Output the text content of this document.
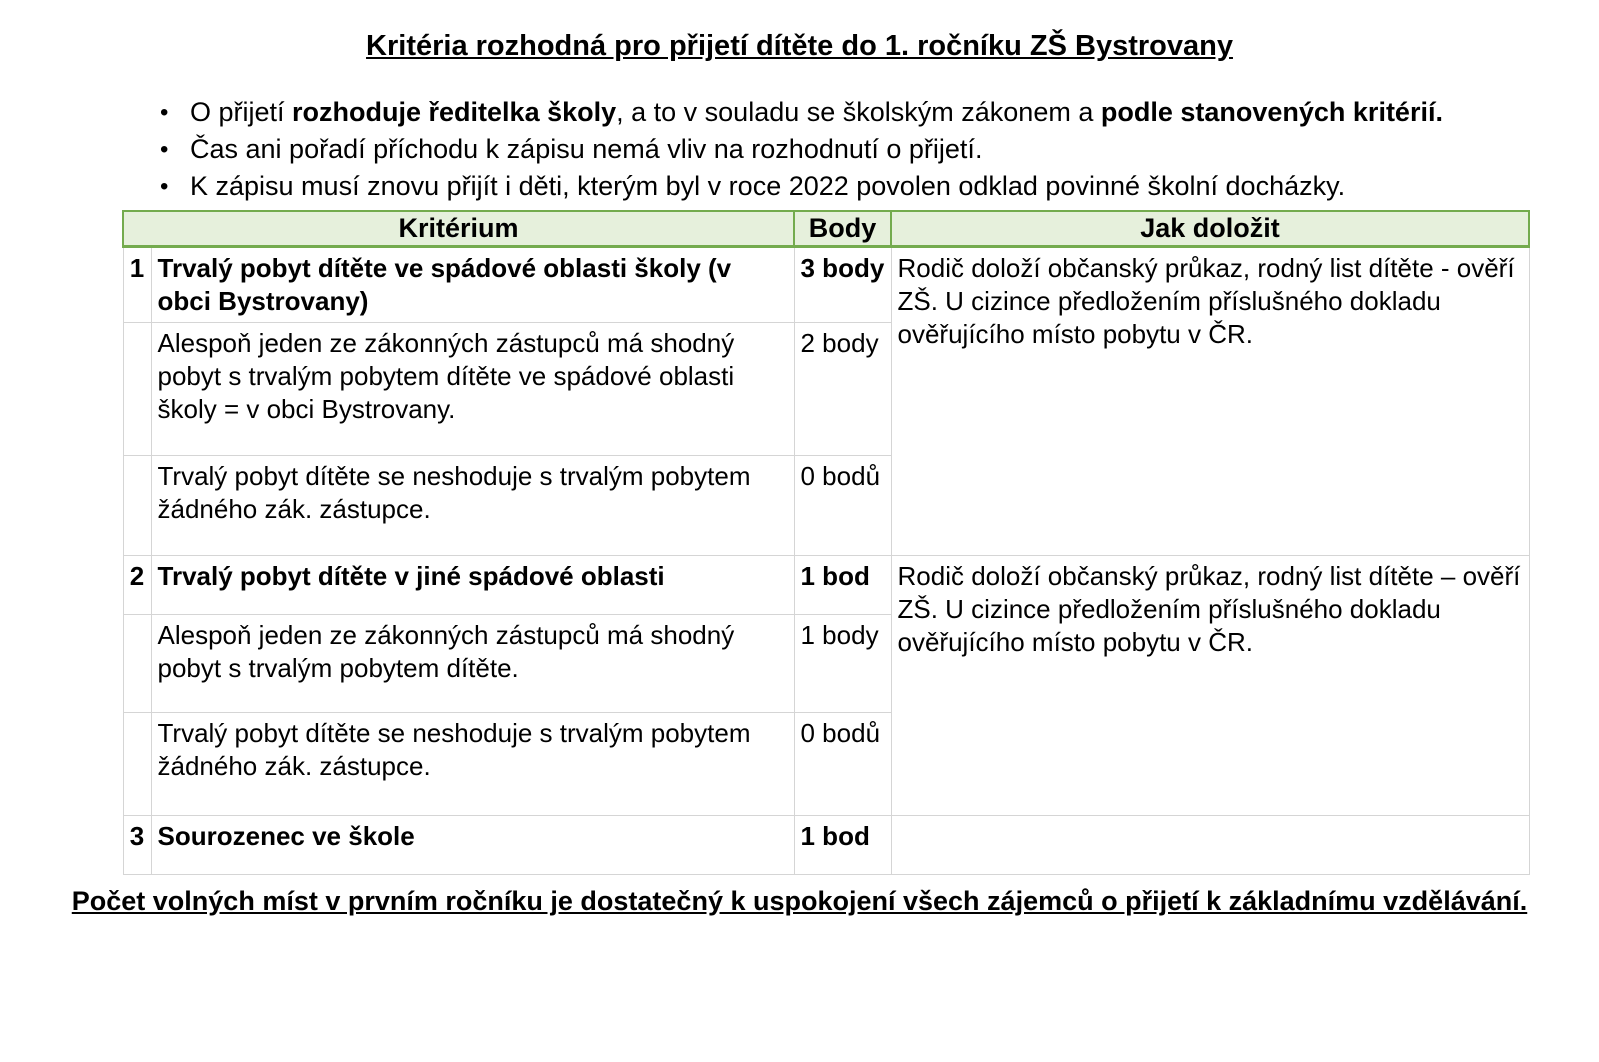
Kritéria rozhodná pro přijetí dítěte do 1. ročníku ZŠ Bystrovany
• O přijetí rozhoduje ředitelka školy, a to v souladu se školským zákonem a podle stanovených kritérií.
• Čas ani pořadí příchodu k zápisu nemá vliv na rozhodnutí o přijetí.
• K zápisu musí znovu přijít i děti, kterým byl v roce 2022 povolen odklad povinné školní docházky.
Kritérium		Body	Jak doložit
1	Trvalý pobyt dítěte ve spádové oblasti školy (v obci Bystrovany)	3 body	Rodič doloží občanský průkaz, rodný list dítěte - ověří ZŠ. U cizince předložením příslušného dokladu ověřujícího místo pobytu v ČR.
	Alespoň jeden ze zákonných zástupců má shodný pobyt s trvalým pobytem dítěte ve spádové oblasti školy = v obci Bystrovany.	2 body	
	Trvalý pobyt dítěte se neshoduje s trvalým pobytem žádného zák. zástupce.	0 bodů	
2	Trvalý pobyt dítěte v jiné spádové oblasti	1 bod	Rodič doloží občanský průkaz, rodný list dítěte – ověří ZŠ. U cizince předložením příslušného dokladu ověřujícího místo pobytu v ČR.
	Alespoň jeden ze zákonných zástupců má shodný pobyt s trvalým pobytem dítěte.	1 body	
	Trvalý pobyt dítěte se neshoduje s trvalým pobytem žádného zák. zástupce.	0 bodů	
3	Sourozenec ve škole	1 bod	
Počet volných míst v prvním ročníku je dostatečný k uspokojení všech zájemců o přijetí k základnímu vzdělávání.
